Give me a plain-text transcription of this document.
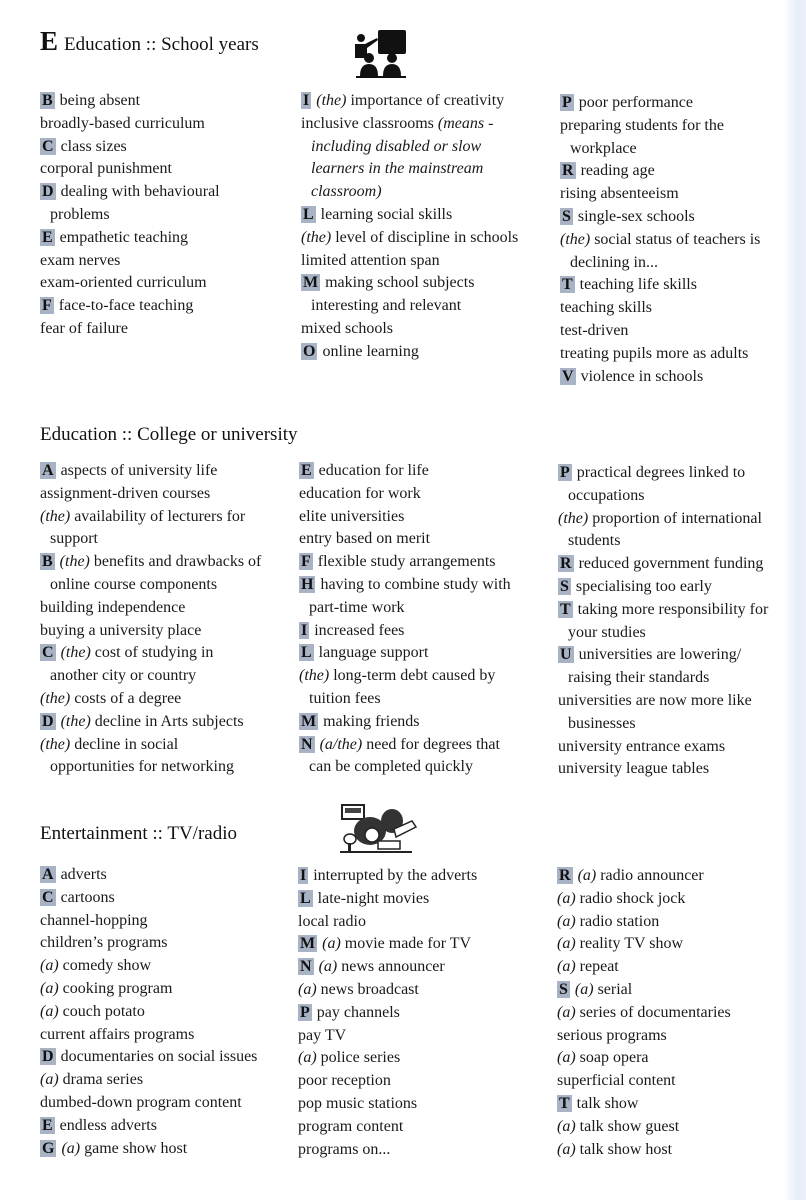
E Education :: School years
B being absent
broadly-based curriculum
C class sizes
corporal punishment
D dealing with behavioural
problems
E empathetic teaching
exam nerves
exam-oriented curriculum
F face-to-face teaching
fear of failure
I (the) importance of creativity
inclusive classrooms (means -
including disabled or slow
learners in the mainstream
classroom)
L learning social skills
(the) level of discipline in schools
limited attention span
M making school subjects
interesting and relevant
mixed schools
O online learning
P poor performance
preparing students for the
workplace
R reading age
rising absenteeism
S single-sex schools
(the) social status of teachers is
declining in...
T teaching life skills
teaching skills
test-driven
treating pupils more as adults
V violence in schools
Education :: College or university
A aspects of university life
assignment-driven courses
(the) availability of lecturers for
support
B (the) benefits and drawbacks of
online course components
building independence
buying a university place
C (the) cost of studying in
another city or country
(the) costs of a degree
D (the) decline in Arts subjects
(the) decline in social
opportunities for networking
E education for life
education for work
elite universities
entry based on merit
F flexible study arrangements
H having to combine study with
part-time work
I increased fees
L language support
(the) long-term debt caused by
tuition fees
M making friends
N (a/the) need for degrees that
can be completed quickly
P practical degrees linked to
occupations
(the) proportion of international
students
R reduced government funding
S specialising too early
T taking more responsibility for
your studies
U universities are lowering/
raising their standards
universities are now more like
businesses
university entrance exams
university league tables
Entertainment :: TV/radio
A adverts
C cartoons
channel-hopping
children’s programs
(a) comedy show
(a) cooking program
(a) couch potato
current affairs programs
D documentaries on social issues
(a) drama series
dumbed-down program content
E endless adverts
G (a) game show host
I interrupted by the adverts
L late-night movies
local radio
M (a) movie made for TV
N (a) news announcer
(a) news broadcast
P pay channels
pay TV
(a) police series
poor reception
pop music stations
program content
programs on...
R (a) radio announcer
(a) radio shock jock
(a) radio station
(a) reality TV show
(a) repeat
S (a) serial
(a) series of documentaries
serious programs
(a) soap opera
superficial content
T talk show
(a) talk show guest
(a) talk show host
